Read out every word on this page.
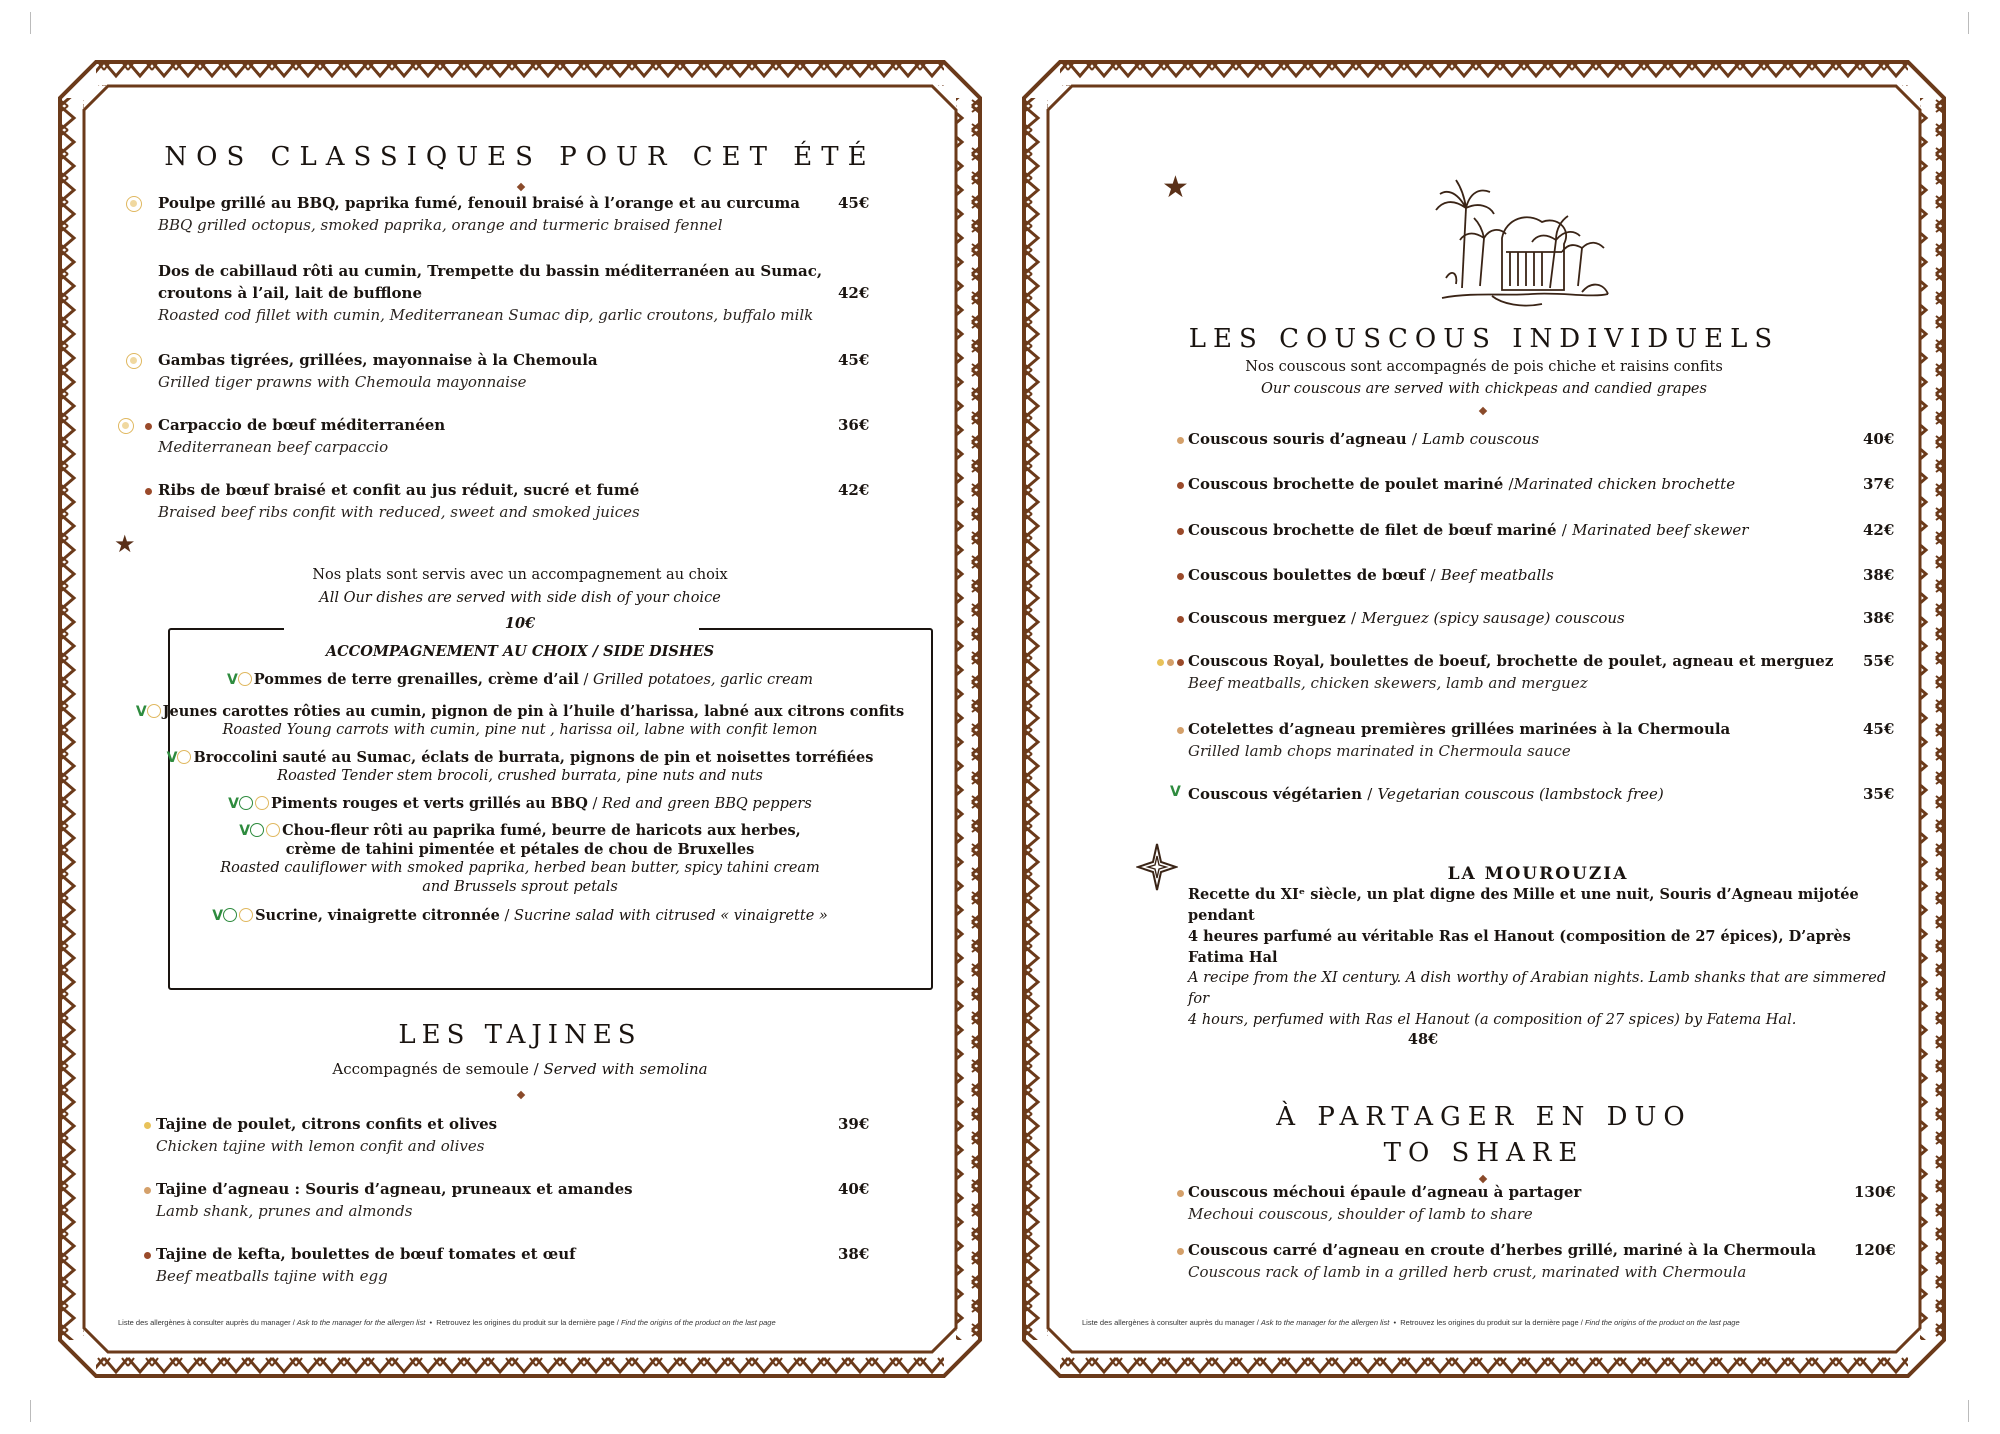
NOS CLASSIQUES POUR CET ÉTÉ
Poulpe grillé au BBQ, paprika fumé, fenouil braisé à l’orange et au curcuma
BBQ grilled octopus, smoked paprika, orange and turmeric braised fennel
45€
Dos de cabillaud rôti au cumin, Trempette du bassin méditerranéen au Sumac,
croutons à l’ail, lait de bufflone
Roasted cod fillet with cumin, Mediterranean Sumac dip, garlic croutons, buffalo milk
42€
Gambas tigrées, grillées, mayonnaise à la Chemoula
Grilled tiger prawns with Chemoula mayonnaise
45€
Carpaccio de bœuf méditerranéen
Mediterranean beef carpaccio
36€
Ribs de bœuf braisé et confit au jus réduit, sucré et fumé
Braised beef ribs confit with reduced, sweet and smoked juices
42€
★
Nos plats sont servis avec un accompagnement au choix
All Our dishes are served with side dish of your choice
10€
ACCOMPAGNEMENT AU CHOIX / SIDE DISHES
V Pommes de terre grenailles, crème d’ail / Grilled potatoes, garlic cream
V Jeunes carottes rôties au cumin, pignon de pin à l’huile d’harissa, labné aux citrons confits
Roasted Young carrots with cumin, pine nut , harissa oil, labne with confit lemon
V Broccolini sauté au Sumac, éclats de burrata, pignons de pin et noisettes torréfiées
Roasted Tender stem brocoli, crushed burrata, pine nuts and nuts
V Piments rouges et verts grillés au BBQ / Red and green BBQ peppers
V Chou-fleur rôti au paprika fumé, beurre de haricots aux herbes,
crème de tahini pimentée et pétales de chou de Bruxelles
Roasted cauliflower with smoked paprika, herbed bean butter, spicy tahini cream
and Brussels sprout petals
V Sucrine, vinaigrette citronnée / Sucrine salad with citrused « vinaigrette »
LES TAJINES
Accompagnés de semoule / Served with semolina
Tajine de poulet, citrons confits et olives
Chicken tajine with lemon confit and olives
39€
Tajine d’agneau : Souris d’agneau, pruneaux et amandes
Lamb shank, prunes and almonds
40€
Tajine de kefta, boulettes de bœuf tomates et œuf
Beef meatballs tajine with egg
38€
Liste des allergènes à consulter auprès du manager / Ask to the manager for the allergen list  •  Retrouvez les origines du produit sur la dernière page / Find the origins of the product on the last page
★
LES COUSCOUS INDIVIDUELS
Nos couscous sont accompagnés de pois chiche et raisins confits
Our couscous are served with chickpeas and candied grapes
Couscous souris d’agneau / Lamb couscous	40€
Couscous brochette de poulet mariné /Marinated chicken brochette	37€
Couscous brochette de filet de bœuf mariné / Marinated beef skewer	42€
Couscous boulettes de bœuf / Beef meatballs	38€
Couscous merguez / Merguez (spicy sausage) couscous	38€
Couscous Royal, boulettes de boeuf, brochette de poulet, agneau et merguez
Beef meatballs, chicken skewers, lamb and merguez
55€
Cotelettes d’agneau premières grillées marinées à la Chermoula
Grilled lamb chops marinated in Chermoula sauce
45€
V Couscous végétarien / Vegetarian couscous (lambstock free)	35€
LA MOUROUZIA
Recette du XIᵉ siècle, un plat digne des Mille et une nuit, Souris d’Agneau mijotée pendant
4 heures parfumé au véritable Ras el Hanout (composition de 27 épices), D’après Fatima Hal
A recipe from the XI century. A dish worthy of Arabian nights. Lamb shanks that are simmered for
4 hours, perfumed with Ras el Hanout (a composition of 27 spices) by Fatema Hal.
48€
À PARTAGER EN DUO
TO SHARE
Couscous méchoui épaule d’agneau à partager
Mechoui couscous, shoulder of lamb to share
130€
Couscous carré d’agneau en croute d’herbes grillé, mariné à la Chermoula
Couscous rack of lamb in a grilled herb crust, marinated with Chermoula
120€
Liste des allergènes à consulter auprès du manager / Ask to the manager for the allergen list  •  Retrouvez les origines du produit sur la dernière page / Find the origins of the product on the last page
